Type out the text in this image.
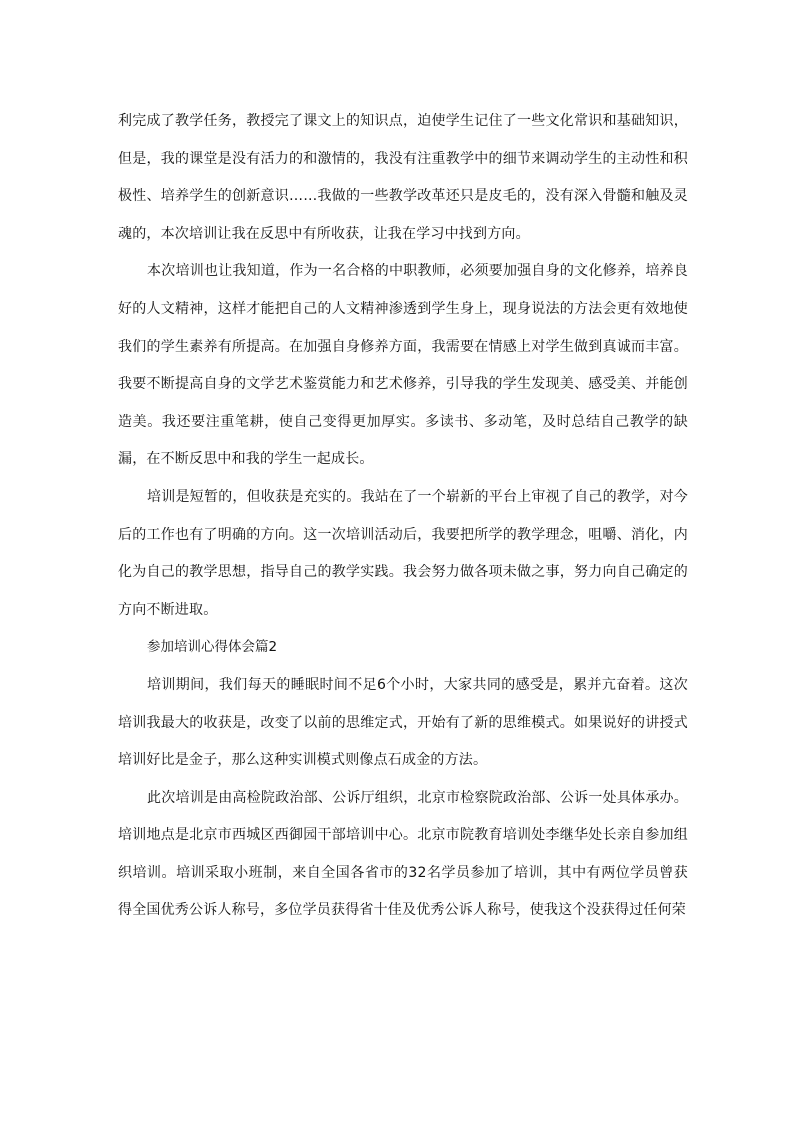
利完成了教学任务，教授完了课文上的知识点，迫使学生记住了一些文化常识和基础知识，但是，我的课堂是没有活力的和激情的，我没有注重教学中的细节来调动学生的主动性和积极性、培养学生的创新意识……我做的一些教学改革还只是皮毛的，没有深入骨髓和触及灵魂的，本次培训让我在反思中有所收获，让我在学习中找到方向。

本次培训也让我知道，作为一名合格的中职教师，必须要加强自身的文化修养，培养良好的人文精神，这样才能把自己的人文精神渗透到学生身上，现身说法的方法会更有效地使我们的学生素养有所提高。在加强自身修养方面，我需要在情感上对学生做到真诚而丰富。我要不断提高自身的文学艺术鉴赏能力和艺术修养，引导我的学生发现美、感受美、并能创造美。我还要注重笔耕，使自己变得更加厚实。多读书、多动笔，及时总结自己教学的缺漏，在不断反思中和我的学生一起成长。

培训是短暂的，但收获是充实的。我站在了一个崭新的平台上审视了自己的教学，对今后的工作也有了明确的方向。这一次培训活动后，我要把所学的教学理念，咀嚼、消化，内化为自己的教学思想，指导自己的教学实践。我会努力做各项未做之事，努力向自己确定的方向不断进取。

参加培训心得体会篇2

培训期间，我们每天的睡眠时间不足6个小时，大家共同的感受是，累并亢奋着。这次培训我最大的收获是，改变了以前的思维定式，开始有了新的思维模式。如果说好的讲授式培训好比是金子，那么这种实训模式则像点石成金的方法。

此次培训是由高检院政治部、公诉厅组织，北京市检察院政治部、公诉一处具体承办。培训地点是北京市西城区西御园干部培训中心。北京市院教育培训处李继华处长亲自参加组织培训。培训采取小班制，来自全国各省市的32名学员参加了培训，其中有两位学员曾获得全国优秀公诉人称号，多位学员获得省十佳及优秀公诉人称号，使我这个没获得过任何荣
